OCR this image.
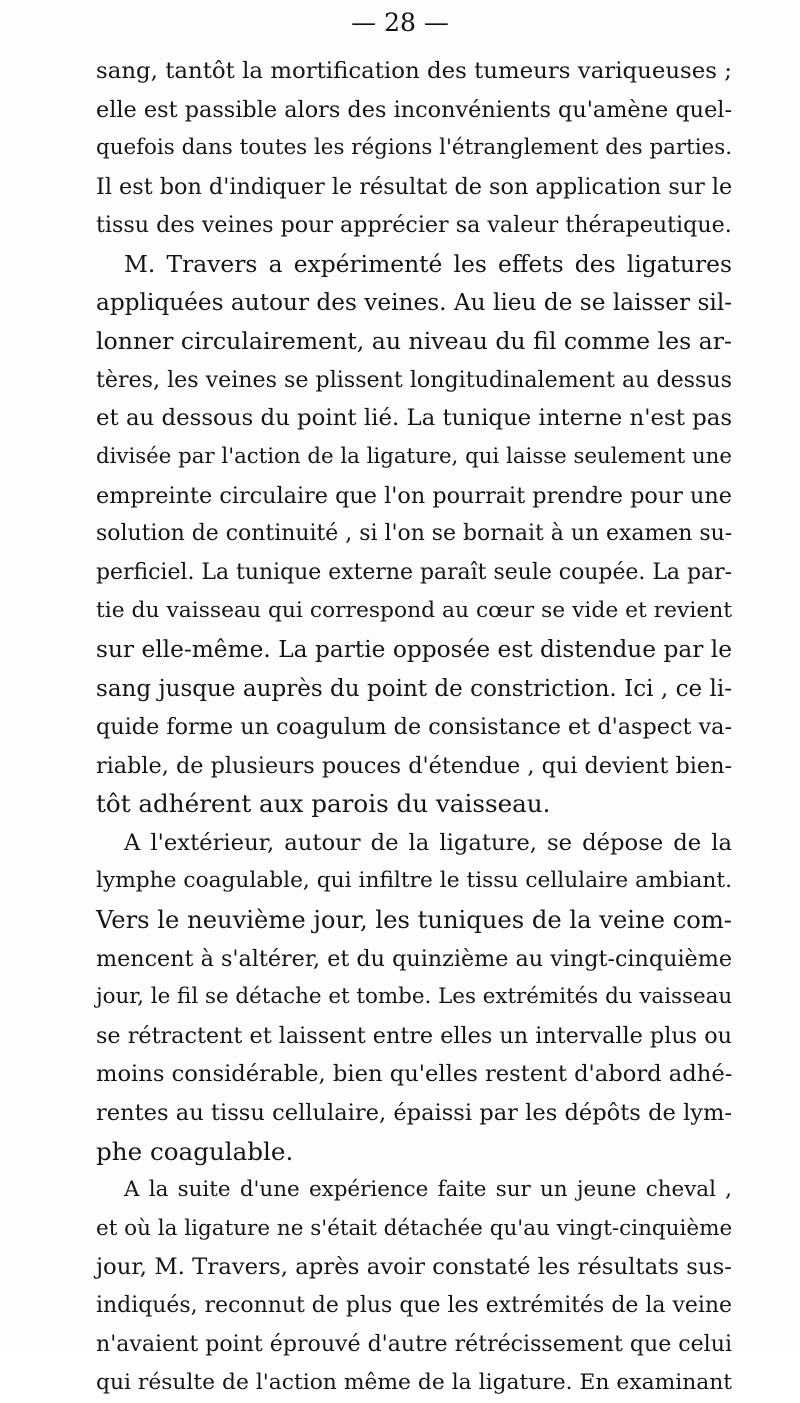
— 28 —
sang, tantôt la mortification des tumeurs variqueuses ;
elle est passible alors des inconvénients qu'amène quel-
quefois dans toutes les régions l'étranglement des parties.
Il est bon d'indiquer le résultat de son application sur le
tissu des veines pour apprécier sa valeur thérapeutique.
M. Travers a expérimenté les effets des ligatures
appliquées autour des veines. Au lieu de se laisser sil-
lonner circulairement, au niveau du fil comme les ar-
tères, les veines se plissent longitudinalement au dessus
et au dessous du point lié. La tunique interne n'est pas
divisée par l'action de la ligature, qui laisse seulement une
empreinte circulaire que l'on pourrait prendre pour une
solution de continuité , si l'on se bornait à un examen su-
perficiel. La tunique externe paraît seule coupée. La par-
tie du vaisseau qui correspond au cœur se vide et revient
sur elle-même. La partie opposée est distendue par le
sang jusque auprès du point de constriction. Ici , ce li-
quide forme un coagulum de consistance et d'aspect va-
riable, de plusieurs pouces d'étendue , qui devient bien-
tôt adhérent aux parois du vaisseau.
A l'extérieur, autour de la ligature, se dépose de la
lymphe coagulable, qui infiltre le tissu cellulaire ambiant.
Vers le neuvième jour, les tuniques de la veine com-
mencent à s'altérer, et du quinzième au vingt-cinquième
jour, le fil se détache et tombe. Les extrémités du vaisseau
se rétractent et laissent entre elles un intervalle plus ou
moins considérable, bien qu'elles restent d'abord adhé-
rentes au tissu cellulaire, épaissi par les dépôts de lym-
phe coagulable.
A la suite d'une expérience faite sur un jeune cheval ,
et où la ligature ne s'était détachée qu'au vingt-cinquième
jour, M. Travers, après avoir constaté les résultats sus-
indiqués, reconnut de plus que les extrémités de la veine
n'avaient point éprouvé d'autre rétrécissement que celui
qui résulte de l'action même de la ligature. En examinant
